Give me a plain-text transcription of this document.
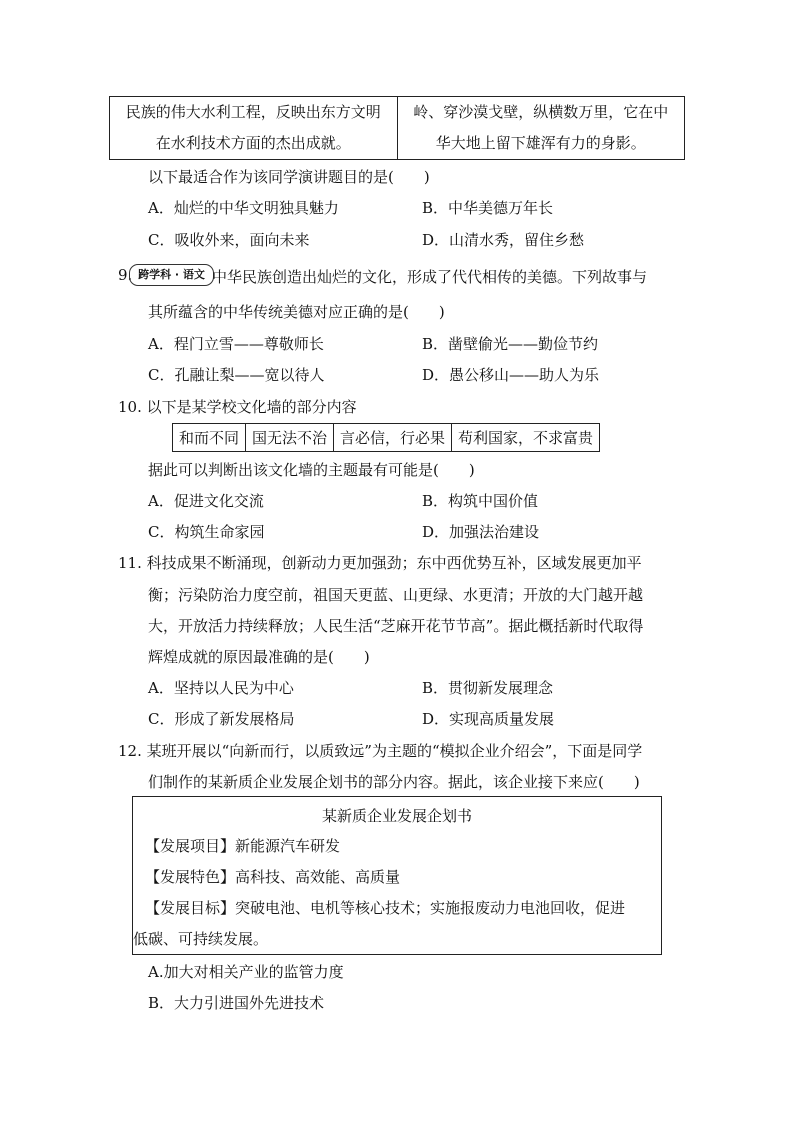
民族的伟大水利工程，反映出东方文明
在水利技术方面的杰出成就。

岭、穿沙漠戈壁，纵横数万里，它在中
华大地上留下雄浑有力的身影。
以下最适合作为该同学演讲题目的是(　　)
A．灿烂的中华文明独具魅力	B．中华美德万年长
C．吸收外来，面向未来	D．山清水秀，留住乡愁
9. 跨学科 · 语文 中华民族创造出灿烂的文化，形成了代代相传的美德。下列故事与
其所蕴含的中华传统美德对应正确的是(　　)
A．程门立雪——尊敬师长	B．凿壁偷光——勤俭节约
C．孔融让梨——宽以待人	D．愚公移山——助人为乐
10. 以下是某学校文化墙的部分内容
和而不同	国无法不治	言必信，行必果	苟利国家，不求富贵
据此可以判断出该文化墙的主题最有可能是(　　)
A．促进文化交流	B．构筑中国价值
C．构筑生命家园	D．加强法治建设
11. 科技成果不断涌现，创新动力更加强劲；东中西优势互补，区域发展更加平
衡；污染防治力度空前，祖国天更蓝、山更绿、水更清；开放的大门越开越
大，开放活力持续释放；人民生活“芝麻开花节节高”。据此概括新时代取得
辉煌成就的原因最准确的是(　　)
A．坚持以人民为中心	B．贯彻新发展理念
C．形成了新发展格局	D．实现高质量发展
12. 某班开展以“向新而行，以质致远”为主题的“模拟企业介绍会”，下面是同学
们制作的某新质企业发展企划书的部分内容。据此，该企业接下来应(　　)
某新质企业发展企划书
【发展项目】新能源汽车研发
【发展特色】高科技、高效能、高质量
【发展目标】突破电池、电机等核心技术；实施报废动力电池回收，促进
低碳、可持续发展。
A.加大对相关产业的监管力度
B．大力引进国外先进技术
